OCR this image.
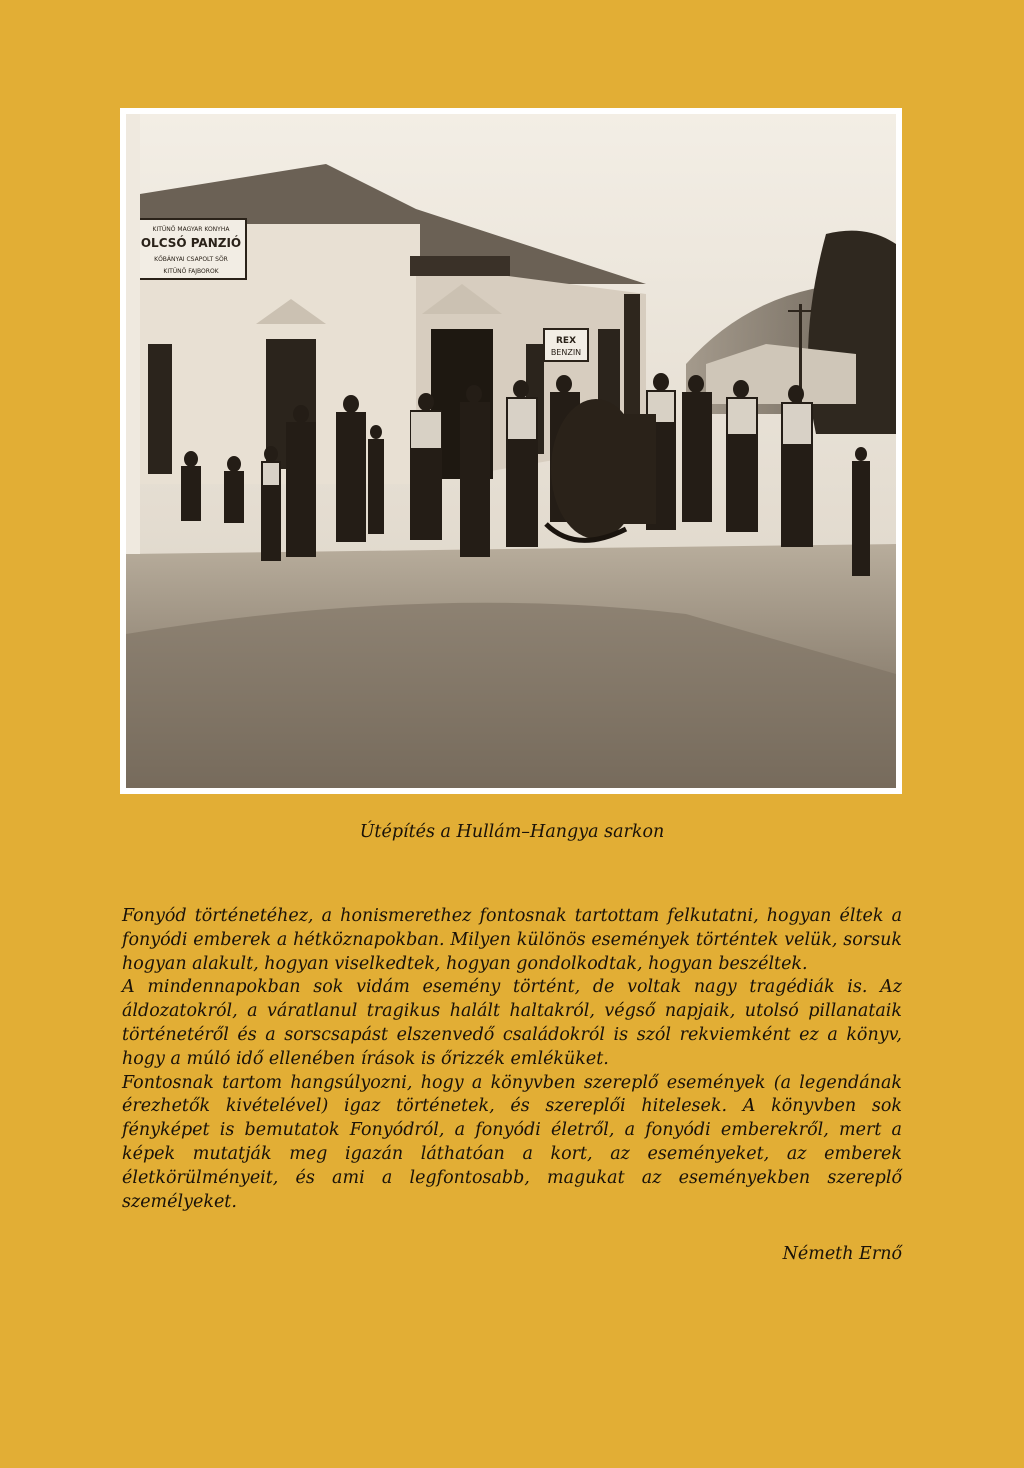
KITŰNŐ MAGYAR KONYHA
OLCSÓ PANZIÓ
KŐBÁNYAI CSAPOLT SÖR
KITŰNŐ FAJBOROK
REX
BENZIN

Útépítés a Hullám–Hangya sarkon

Fonyód történetéhez, a honismerethez fontosnak tartottam felkutatni, hogyan éltek a fonyódi emberek a hétköznapokban. Milyen különös események történtek velük, sorsuk hogyan alakult, hogyan viselkedtek, hogyan gondolkodtak, hogyan beszéltek.

A mindennapokban sok vidám esemény történt, de voltak nagy tragédiák is. Az áldozatokról, a váratlanul tragikus halált haltakról, végső napjaik, utolsó pillanataik történetéről és a sorscsapást elszenvedő családokról is szól rekviemként ez a könyv, hogy a múló idő ellenében írások is őrizzék emléküket.

Fontosnak tartom hangsúlyozni, hogy a könyvben szereplő események (a legendának érezhetők kivételével) igaz történetek, és szereplői hitelesek. A könyvben sok fényképet is bemutatok Fonyódról, a fonyódi életről, a fonyódi emberekről, mert a képek mutatják meg igazán láthatóan a kort, az eseményeket, az emberek életkörülményeit, és ami a legfontosabb, magukat az eseményekben szereplő személyeket.

Németh Ernő
